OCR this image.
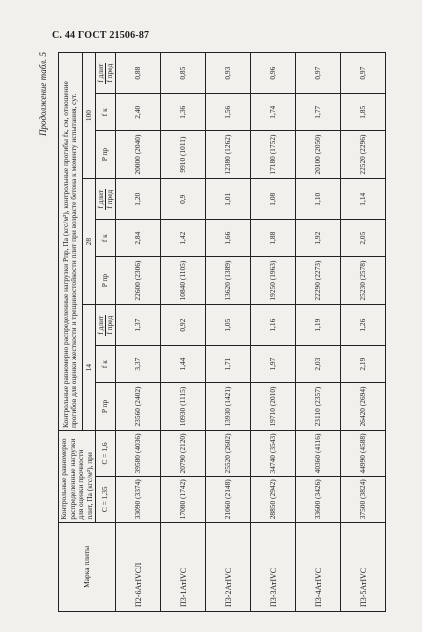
С. 44 ГОСТ 21506-87
Продолжение табл. 5
Марка плиты	Контрольные равномерно распределенные нагрузки для оценки прочности плит, Па (кгс/м²), при		Контрольные равномерно распределенные нагрузки Pпр, Па (кгс/м²), контрольные прогибы fк, см, отношение прогибов для оценки жесткости и трещиностойкости плит при возрасте бетона к моменту испытания, сут.								
			14			28			100		
	С = 1,35	С = 1,6	P пр	f к	f длит f пред	P пр	f к	f длит f пред	P пр	f к	f длит f пред

П2-6АтIVСЛ	33090 (3374)	39580 (4036)	23560 (2402)	3,37	1,37	22600 (2306)	2,84	1,20	20000 (2040)	2,40	0,88
П3-1АтIVС	17080 (1742)	20790 (2120)	10930 (1115)	1,44	0,92	10840 (1105)	1,42	0,9	9910 (1011)	1,36	0,85
П3-2АтIVС	21060 (2148)	25520 (2602)	13930 (1421)	1,71	1,05	13620 (1389)	1,66	1,01	12380 (1262)	1,56	0,93
П3-3АтIVС	28850 (2942)	34740 (3543)	19710 (2010)	1,97	1,16	19250 (1963)	1,88	1,08	17180 (1752)	1,74	0,96
П3-4АтIVС	33600 (3426)	40360 (4116)	23110 (2357)	2,03	1,19	22290 (2273)	1,92	1,10	20100 (2050)	1,77	0,97
П3-5АтIVС	37500 (3824)	44990 (4588)	26420 (2694)	2,19	1,26	25230 (2578)	2,05	1,14	22520 (2296)	1,85	0,97
